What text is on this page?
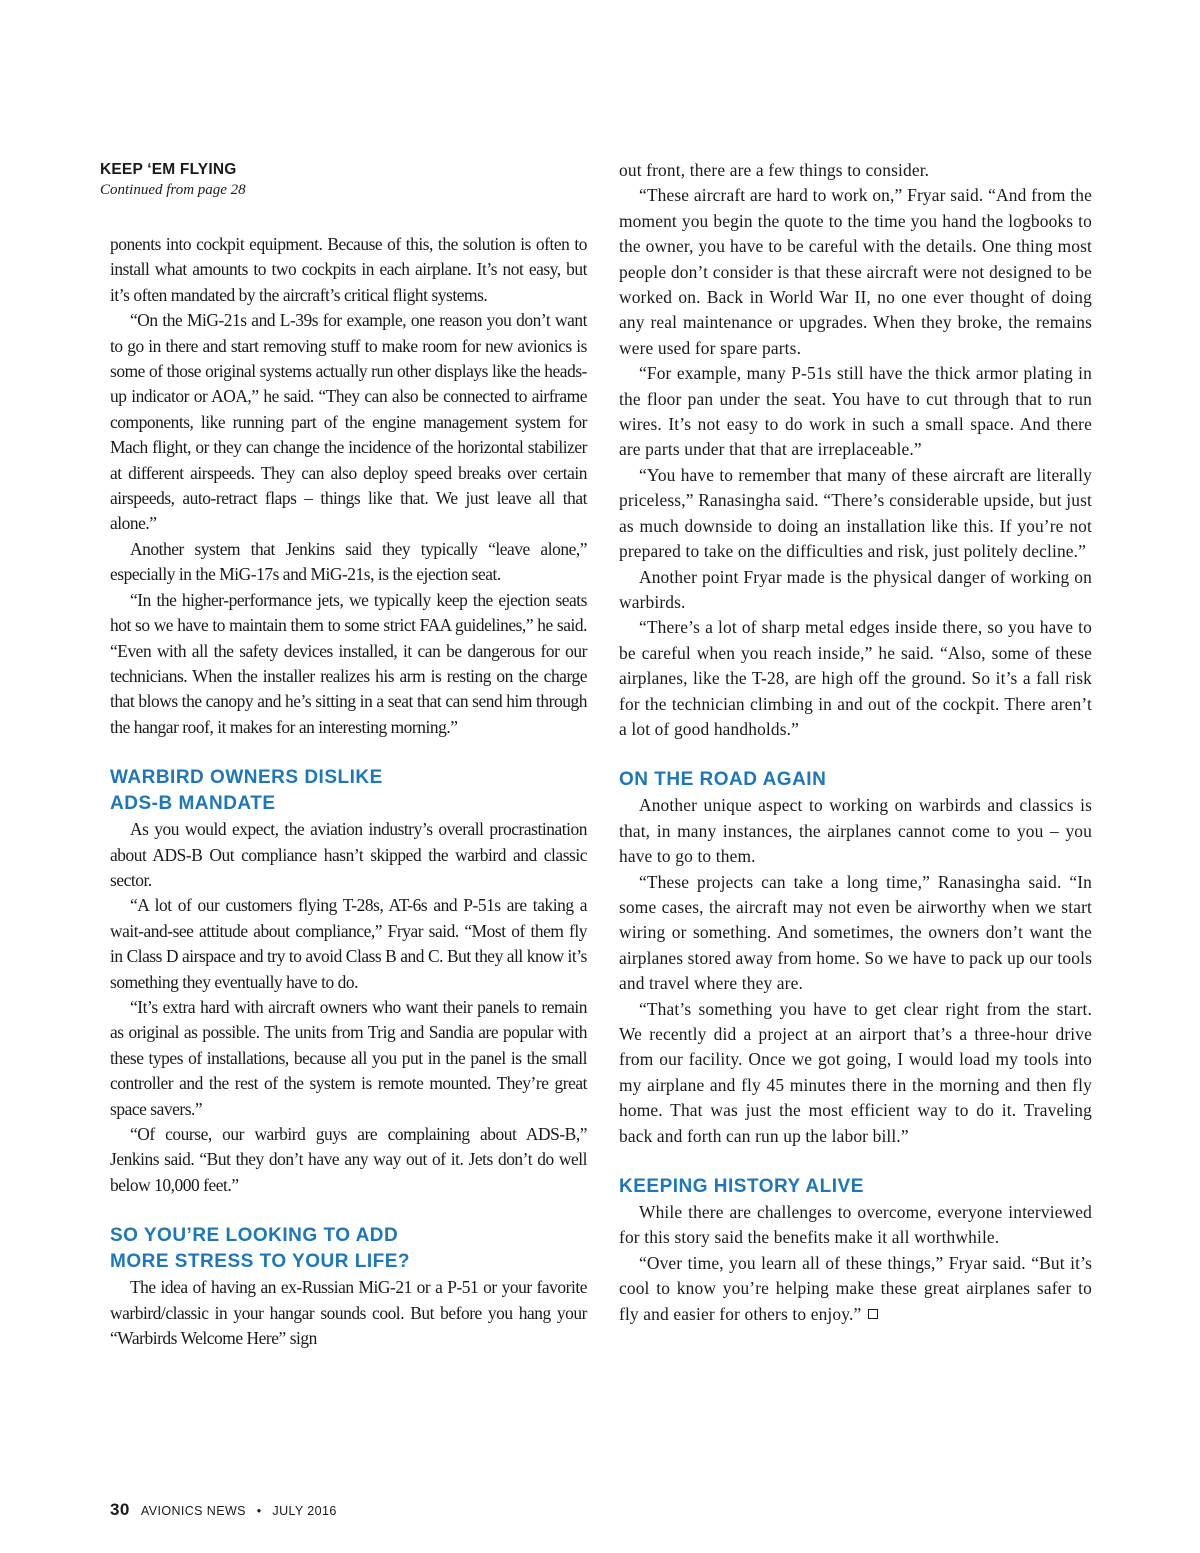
KEEP ‘EM FLYING
Continued from page 28

ponents into cockpit equipment. Because of this, the solution is often to install what amounts to two cockpits in each airplane. It’s not easy, but it’s often mandated by the aircraft’s critical flight systems.

“On the MiG-21s and L-39s for example, one reason you don’t want to go in there and start removing stuff to make room for new avionics is some of those original systems actually run other displays like the heads-up indicator or AOA,” he said. “They can also be connected to airframe components, like running part of the engine management system for Mach flight, or they can change the incidence of the horizontal stabilizer at different airspeeds. They can also deploy speed breaks over certain airspeeds, auto-retract flaps – things like that. We just leave all that alone.”

Another system that Jenkins said they typically “leave alone,” especially in the MiG-17s and MiG-21s, is the ejection seat.

“In the higher-performance jets, we typically keep the ejection seats hot so we have to maintain them to some strict FAA guidelines,” he said. “Even with all the safety devices installed, it can be dangerous for our technicians. When the installer realizes his arm is resting on the charge that blows the canopy and he’s sitting in a seat that can send him through the hangar roof, it makes for an interesting morning.”

WARBIRD OWNERS DISLIKE
ADS-B MANDATE

As you would expect, the aviation industry’s overall procrastination about ADS-B Out compliance hasn’t skipped the warbird and classic sector.

“A lot of our customers flying T-28s, AT-6s and P-51s are taking a wait-and-see attitude about compliance,” Fryar said. “Most of them fly in Class D airspace and try to avoid Class B and C. But they all know it’s something they eventually have to do.

“It’s extra hard with aircraft owners who want their panels to remain as original as possible. The units from Trig and Sandia are popular with these types of installations, because all you put in the panel is the small controller and the rest of the system is remote mounted. They’re great space savers.”

“Of course, our warbird guys are complaining about ADS-B,” Jenkins said. “But they don’t have any way out of it. Jets don’t do well below 10,000 feet.”

SO YOU’RE LOOKING TO ADD
MORE STRESS TO YOUR LIFE?

The idea of having an ex-Russian MiG-21 or a P-51 or your favorite warbird/classic in your hangar sounds cool. But before you hang your “Warbirds Welcome Here” sign

out front, there are a few things to consider.

“These aircraft are hard to work on,” Fryar said. “And from the moment you begin the quote to the time you hand the logbooks to the owner, you have to be careful with the details. One thing most people don’t consider is that these aircraft were not designed to be worked on. Back in World War II, no one ever thought of doing any real maintenance or upgrades. When they broke, the remains were used for spare parts.

“For example, many P-51s still have the thick armor plating in the floor pan under the seat. You have to cut through that to run wires. It’s not easy to do work in such a small space. And there are parts under that that are irreplaceable.”

“You have to remember that many of these aircraft are literally priceless,” Ranasingha said. “There’s considerable upside, but just as much downside to doing an installation like this. If you’re not prepared to take on the difficulties and risk, just politely decline.”

Another point Fryar made is the physical danger of working on warbirds.

“There’s a lot of sharp metal edges inside there, so you have to be careful when you reach inside,” he said. “Also, some of these airplanes, like the T-28, are high off the ground. So it’s a fall risk for the technician climbing in and out of the cockpit. There aren’t a lot of good handholds.”

ON THE ROAD AGAIN

Another unique aspect to working on warbirds and classics is that, in many instances, the airplanes cannot come to you – you have to go to them.

“These projects can take a long time,” Ranasingha said. “In some cases, the aircraft may not even be airworthy when we start wiring or something. And sometimes, the owners don’t want the airplanes stored away from home. So we have to pack up our tools and travel where they are.

“That’s something you have to get clear right from the start. We recently did a project at an airport that’s a three-hour drive from our facility. Once we got going, I would load my tools into my airplane and fly 45 minutes there in the morning and then fly home. That was just the most efficient way to do it. Traveling back and forth can run up the labor bill.”

KEEPING HISTORY ALIVE

While there are challenges to overcome, everyone interviewed for this story said the benefits make it all worthwhile.

“Over time, you learn all of these things,” Fryar said. “But it’s cool to know you’re helping make these great airplanes safer to fly and easier for others to enjoy.”

30 AVIONICS NEWS • JULY 2016
